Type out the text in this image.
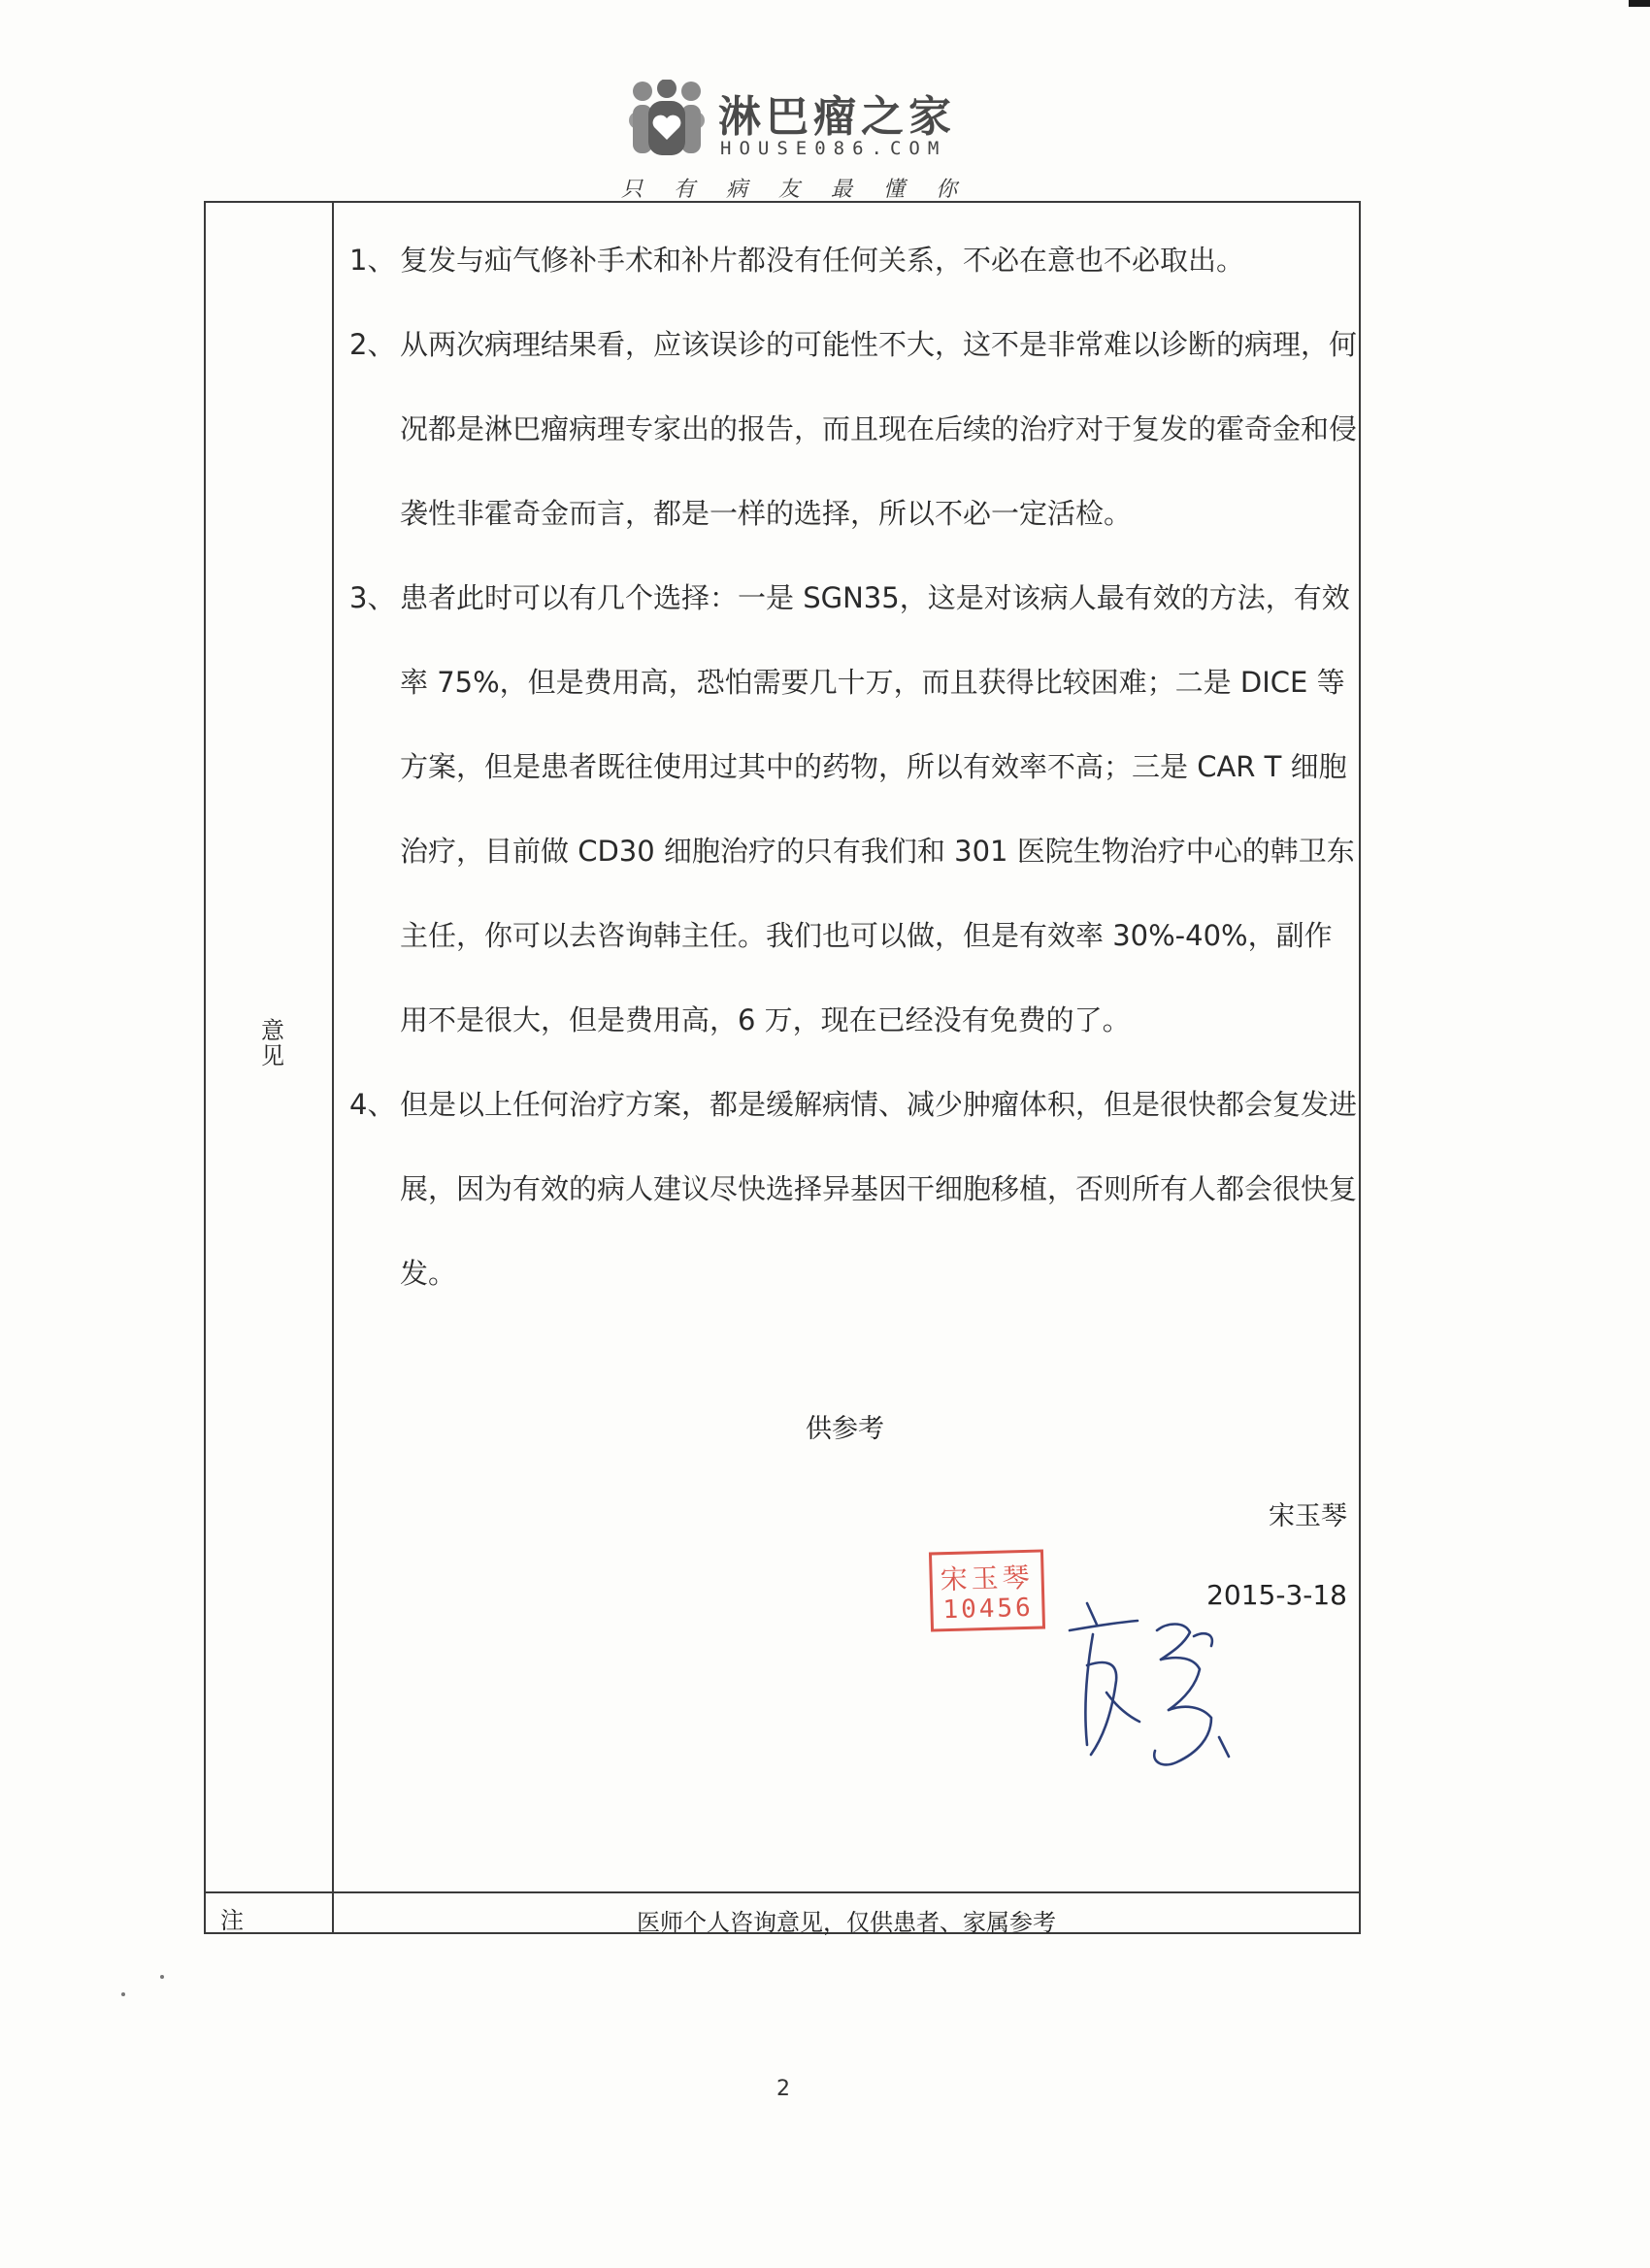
淋巴瘤之家
HOUSE086.COM
只有病友最懂你
意见
注	医师个人咨询意见，仅供患者、家属参考
1、 复发与疝气修补手术和补片都没有任何关系，不必在意也不必取出。
2、 从两次病理结果看，应该误诊的可能性不大，这不是非常难以诊断的病理，何况都是淋巴瘤病理专家出的报告，而且现在后续的治疗对于复发的霍奇金和侵袭性非霍奇金而言，都是一样的选择，所以不必一定活检。
3、 患者此时可以有几个选择：一是 SGN35，这是对该病人最有效的方法，有效率 75%，但是费用高，恐怕需要几十万，而且获得比较困难；二是 DICE 等方案，但是患者既往使用过其中的药物，所以有效率不高；三是 CAR T 细胞治疗，目前做 CD30 细胞治疗的只有我们和 301 医院生物治疗中心的韩卫东主任，你可以去咨询韩主任。我们也可以做，但是有效率 30%-40%，副作用不是很大，但是费用高，6 万，现在已经没有免费的了。
4、 但是以上任何治疗方案，都是缓解病情、减少肿瘤体积，但是很快都会复发进展，因为有效的病人建议尽快选择异基因干细胞移植，否则所有人都会很快复发。
供参考
宋玉琴
2015-3-18
宋玉琴
10456
2
